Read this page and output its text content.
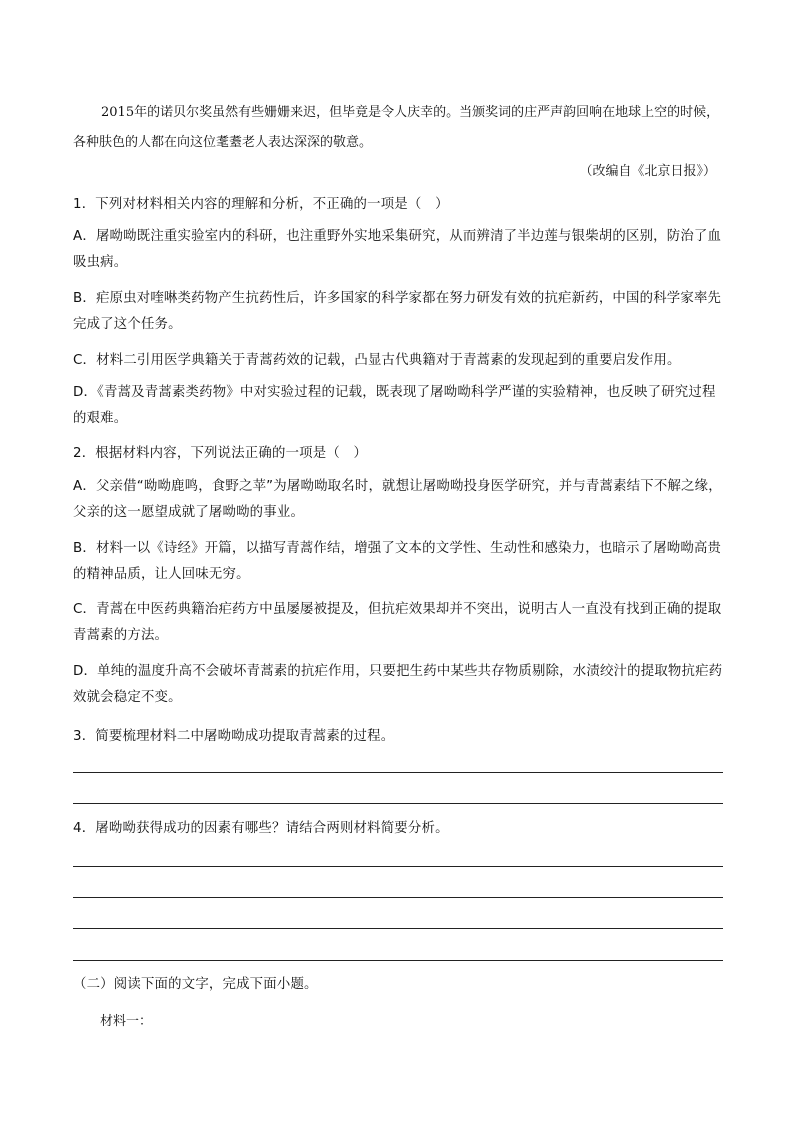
2015年的诺贝尔奖虽然有些姗姗来迟，但毕竟是令人庆幸的。当颁奖词的庄严声韵回响在地球上空的时候，各种肤色的人都在向这位耄耋老人表达深深的敬意。
（改编自《北京日报》）
1．下列对材料相关内容的理解和分析，不正确的一项是（　）
A．屠呦呦既注重实验室内的科研，也注重野外实地采集研究，从而辨清了半边莲与银柴胡的区别，防治了血吸虫病。
B．疟原虫对喹啉类药物产生抗药性后，许多国家的科学家都在努力研发有效的抗疟新药，中国的科学家率先完成了这个任务。
C．材料二引用医学典籍关于青蒿药效的记载，凸显古代典籍对于青蒿素的发现起到的重要启发作用。
D．《青蒿及青蒿素类药物》中对实验过程的记载，既表现了屠呦呦科学严谨的实验精神，也反映了研究过程的艰难。
2．根据材料内容，下列说法正确的一项是（　）
A．父亲借“呦呦鹿鸣，食野之苹”为屠呦呦取名时，就想让屠呦呦投身医学研究，并与青蒿素结下不解之缘，父亲的这一愿望成就了屠呦呦的事业。
B．材料一以《诗经》开篇，以描写青蒿作结，增强了文本的文学性、生动性和感染力，也暗示了屠呦呦高贵的精神品质，让人回味无穷。
C．青蒿在中医药典籍治疟药方中虽屡屡被提及，但抗疟效果却并不突出，说明古人一直没有找到正确的提取青蒿素的方法。
D．单纯的温度升高不会破坏青蒿素的抗疟作用，只要把生药中某些共存物质剔除，水渍绞汁的提取物抗疟药效就会稳定不变。
3．简要梳理材料二中屠呦呦成功提取青蒿素的过程。
4．屠呦呦获得成功的因素有哪些？请结合两则材料简要分析。
（二）阅读下面的文字，完成下面小题。
材料一：
